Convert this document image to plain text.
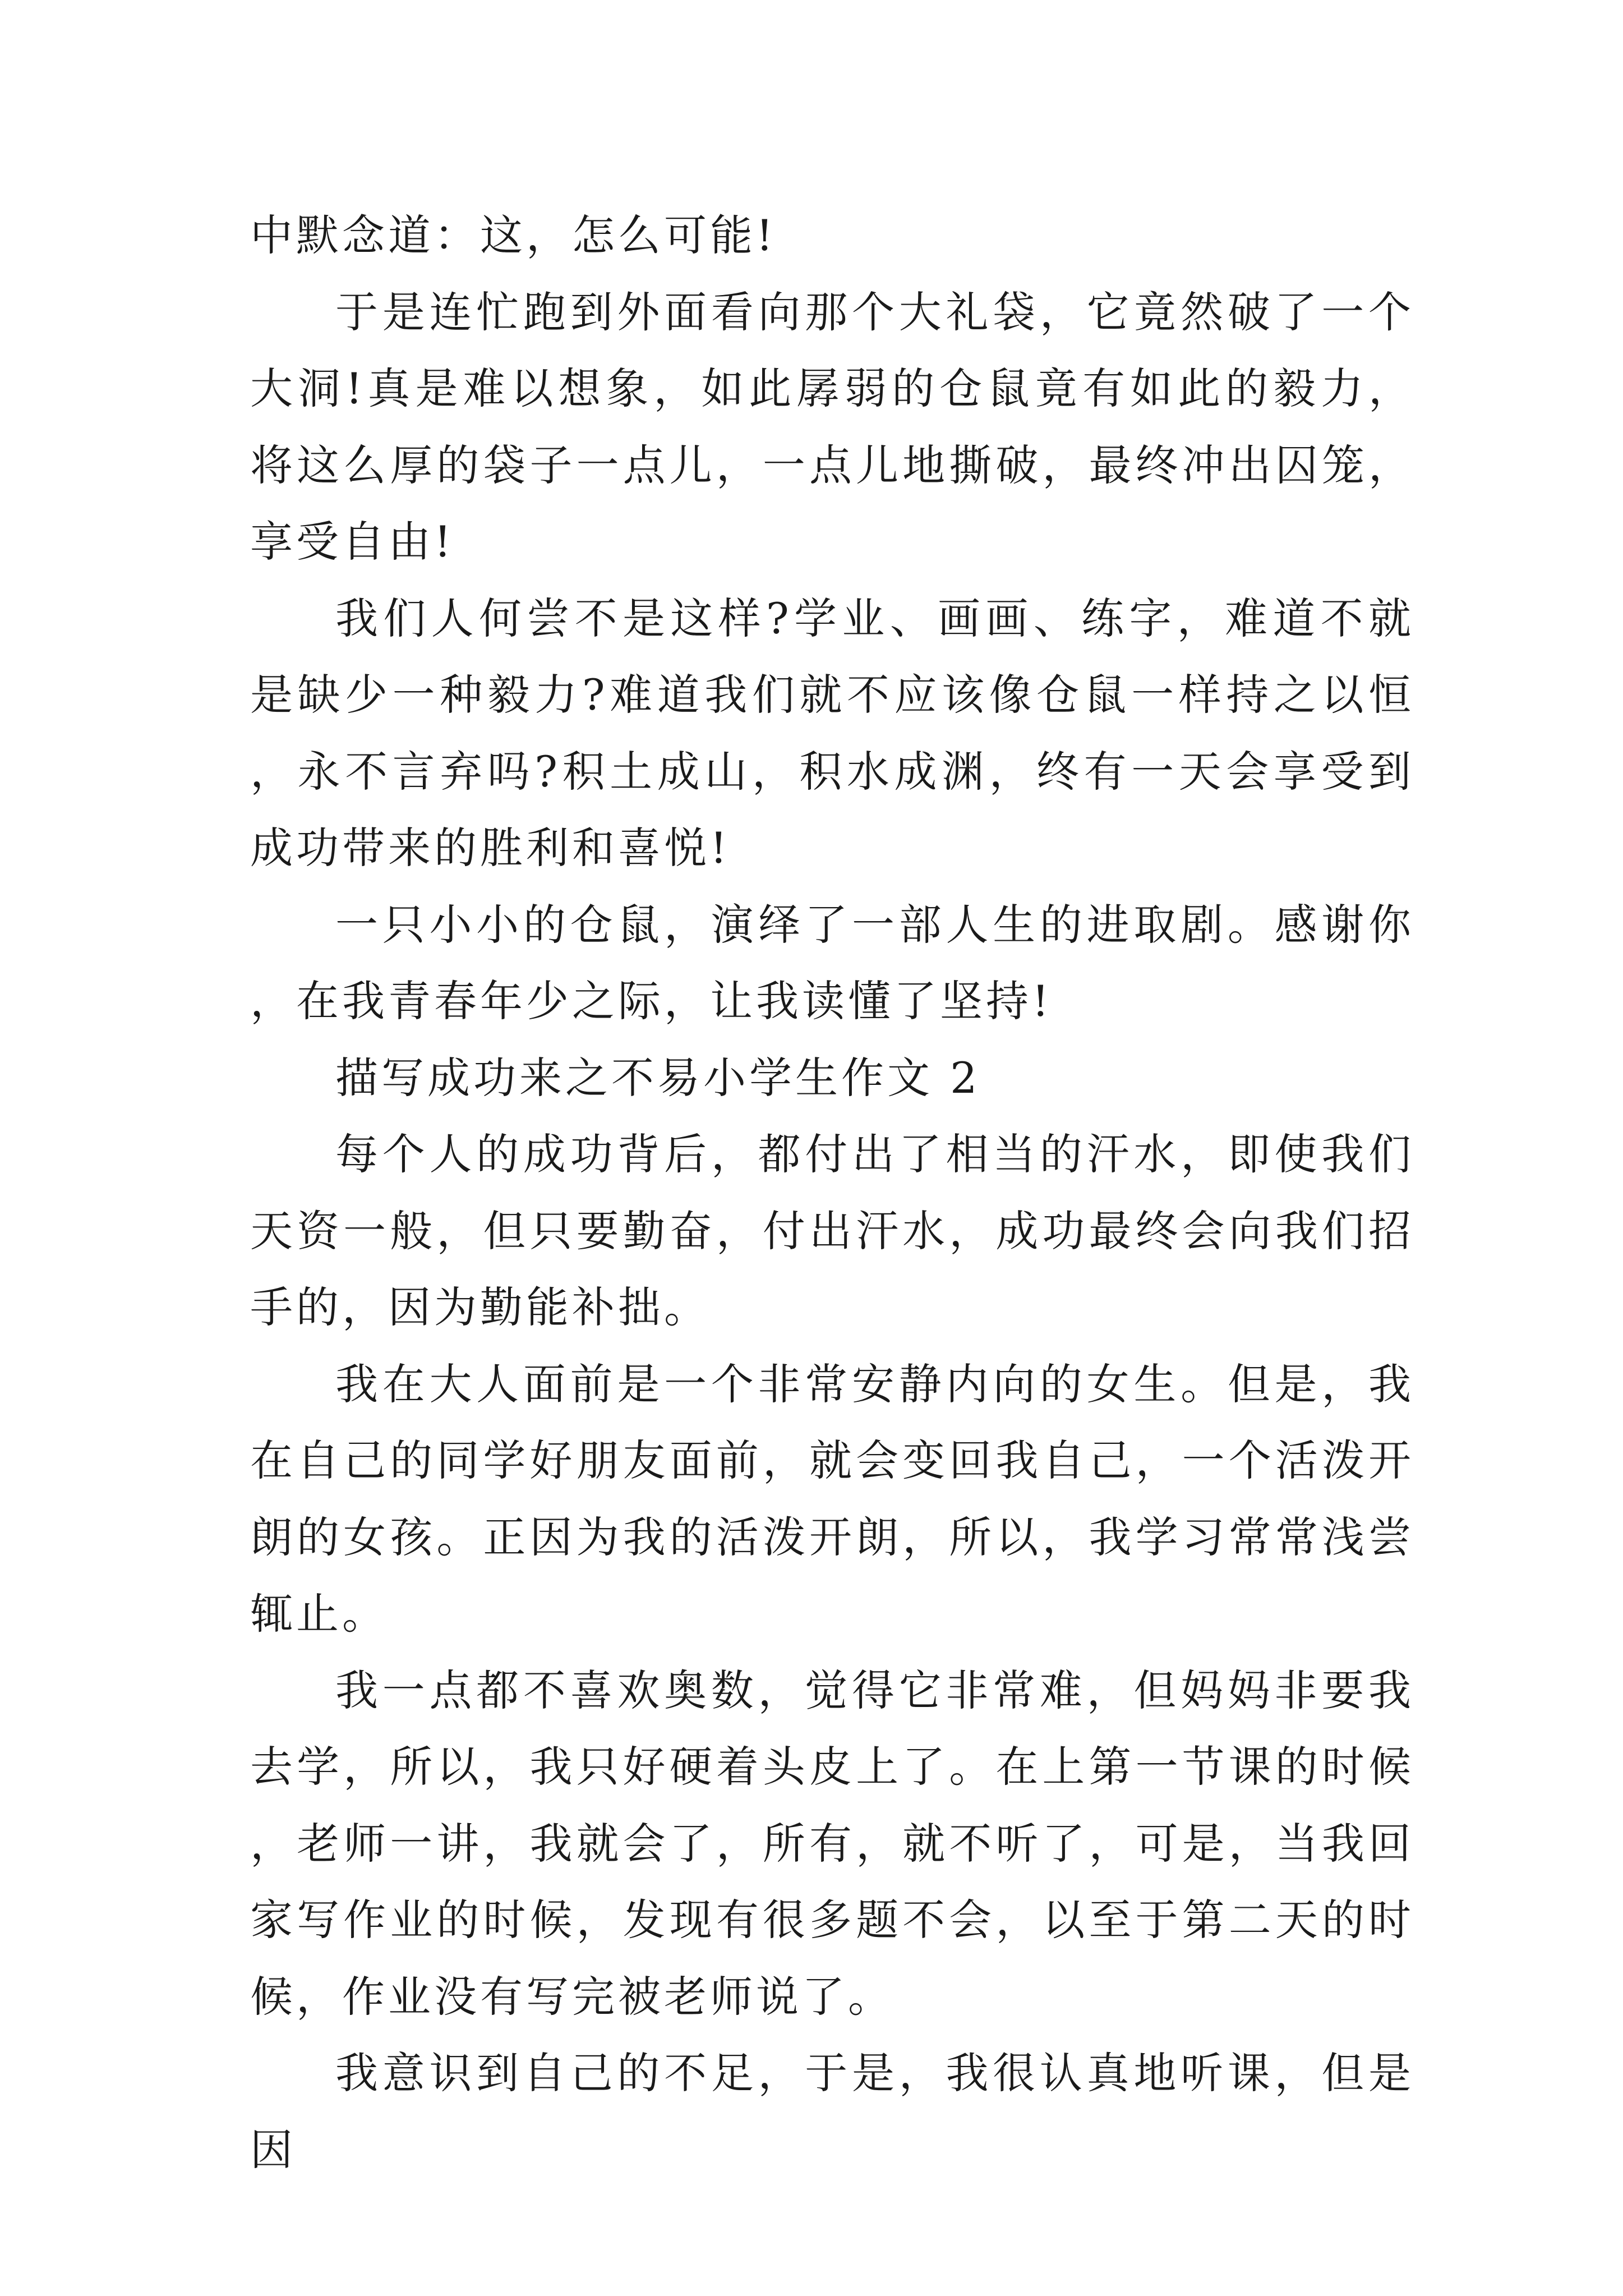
中默念道：这，怎么可能!

于是连忙跑到外面看向那个大礼袋，它竟然破了一个大洞!真是难以想象，如此孱弱的仓鼠竟有如此的毅力，将这么厚的袋子一点儿，一点儿地撕破，最终冲出囚笼，享受自由!

我们人何尝不是这样?学业、画画、练字，难道不就是缺少一种毅力?难道我们就不应该像仓鼠一样持之以恒，永不言弃吗?积土成山，积水成渊，终有一天会享受到成功带来的胜利和喜悦!

一只小小的仓鼠，演绎了一部人生的进取剧。感谢你，在我青春年少之际，让我读懂了坚持!

描写成功来之不易小学生作文 2

每个人的成功背后，都付出了相当的汗水，即使我们天资一般，但只要勤奋，付出汗水，成功最终会向我们招手的，因为勤能补拙。

我在大人面前是一个非常安静内向的女生。但是，我在自己的同学好朋友面前，就会变回我自己，一个活泼开朗的女孩。正因为我的活泼开朗，所以，我学习常常浅尝辄止。

我一点都不喜欢奥数，觉得它非常难，但妈妈非要我去学，所以，我只好硬着头皮上了。在上第一节课的时候，老师一讲，我就会了，所有，就不听了，可是，当我回家写作业的时候，发现有很多题不会，以至于第二天的时候，作业没有写完被老师说了。

我意识到自己的不足，于是，我很认真地听课，但是因
